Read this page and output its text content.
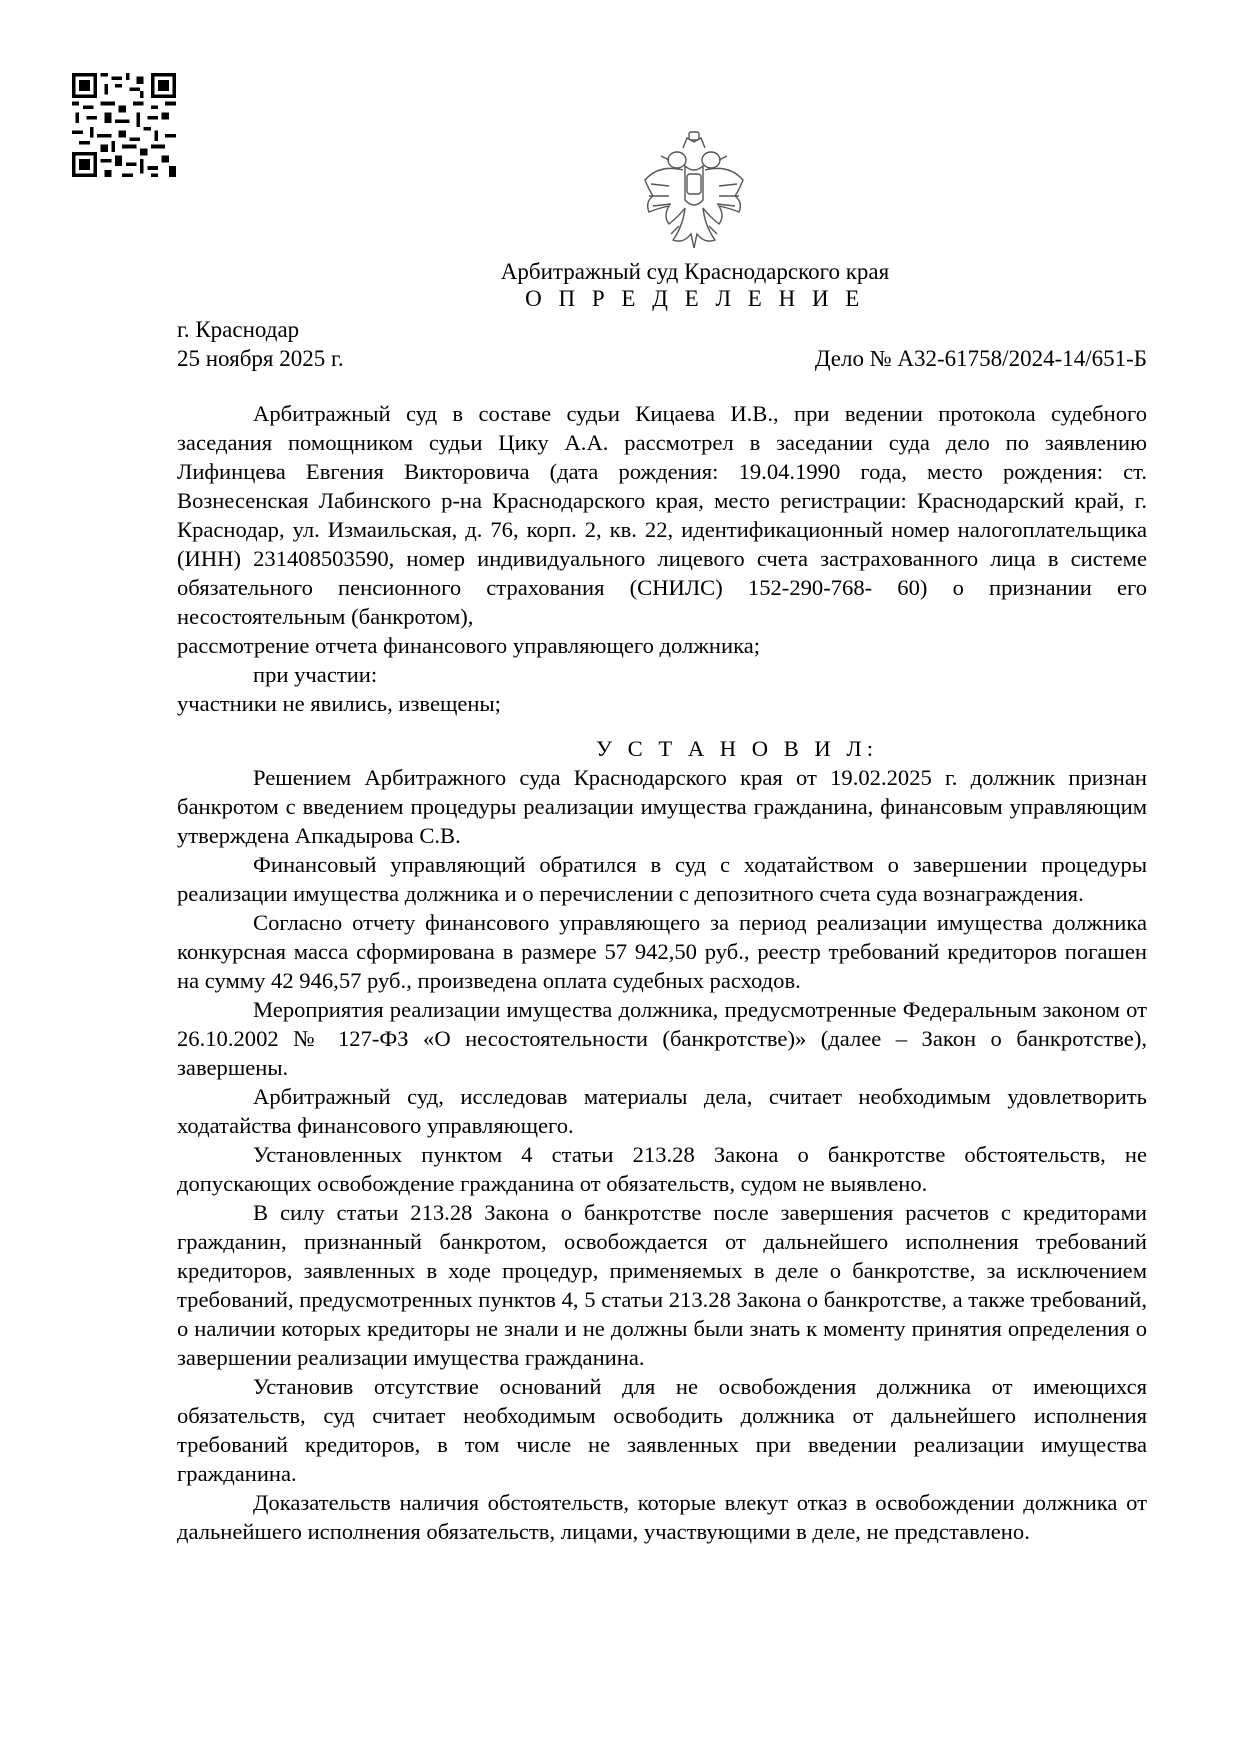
Арбитражный суд Краснодарского края
О П Р Е Д Е Л Е Н И Е
г. Краснодар
25 ноября 2025 г.	Дело № А32-61758/2024-14/651-Б

Арбитражный суд в составе судьи Кицаева И.В., при ведении протокола судебного заседания помощником судьи Цику А.А. рассмотрел в заседании суда дело по заявлению Лифинцева Евгения Викторовича (дата рождения: 19.04.1990 года, место рождения: ст. Вознесенская Лабинского р-на Краснодарского края, место регистрации: Краснодарский край, г. Краснодар, ул. Измаильская, д. 76, корп. 2, кв. 22, идентификационный номер налогоплательщика (ИНН) 231408503590, номер индивидуального лицевого счета застрахованного лица в системе обязательного пенсионного страхования (СНИЛС) 152-290-768- 60) о признании его несостоятельным (банкротом),

рассмотрение отчета финансового управляющего должника;

при участии:

участники не явились, извещены;

У С Т А Н О В И Л:

Решением Арбитражного суда Краснодарского края от 19.02.2025 г. должник признан банкротом с введением процедуры реализации имущества гражданина, финансовым управляющим утверждена Апкадырова С.В.

Финансовый управляющий обратился в суд с ходатайством о завершении процедуры реализации имущества должника и о перечислении с депозитного счета суда вознаграждения.

Согласно отчету финансового управляющего за период реализации имущества должника конкурсная масса сформирована в размере 57 942,50 руб., реестр требований кредиторов погашен на сумму 42 946,57 руб., произведена оплата судебных расходов.

Мероприятия реализации имущества должника, предусмотренные Федеральным законом от 26.10.2002 № 127-ФЗ «О несостоятельности (банкротстве)» (далее – Закон о банкротстве), завершены.

Арбитражный суд, исследовав материалы дела, считает необходимым удовлетворить ходатайства финансового управляющего.

Установленных пунктом 4 статьи 213.28 Закона о банкротстве обстоятельств, не допускающих освобождение гражданина от обязательств, судом не выявлено.

В силу статьи 213.28 Закона о банкротстве после завершения расчетов с кредиторами гражданин, признанный банкротом, освобождается от дальнейшего исполнения требований кредиторов, заявленных в ходе процедур, применяемых в деле о банкротстве, за исключением требований, предусмотренных пунктов 4, 5 статьи 213.28 Закона о банкротстве, а также требований, о наличии которых кредиторы не знали и не должны были знать к моменту принятия определения о завершении реализации имущества гражданина.

Установив отсутствие оснований для не освобождения должника от имеющихся обязательств, суд считает необходимым освободить должника от дальнейшего исполнения требований кредиторов, в том числе не заявленных при введении реализации имущества гражданина.

Доказательств наличия обстоятельств, которые влекут отказ в освобождении должника от дальнейшего исполнения обязательств, лицами, участвующими в деле, не представлено.
